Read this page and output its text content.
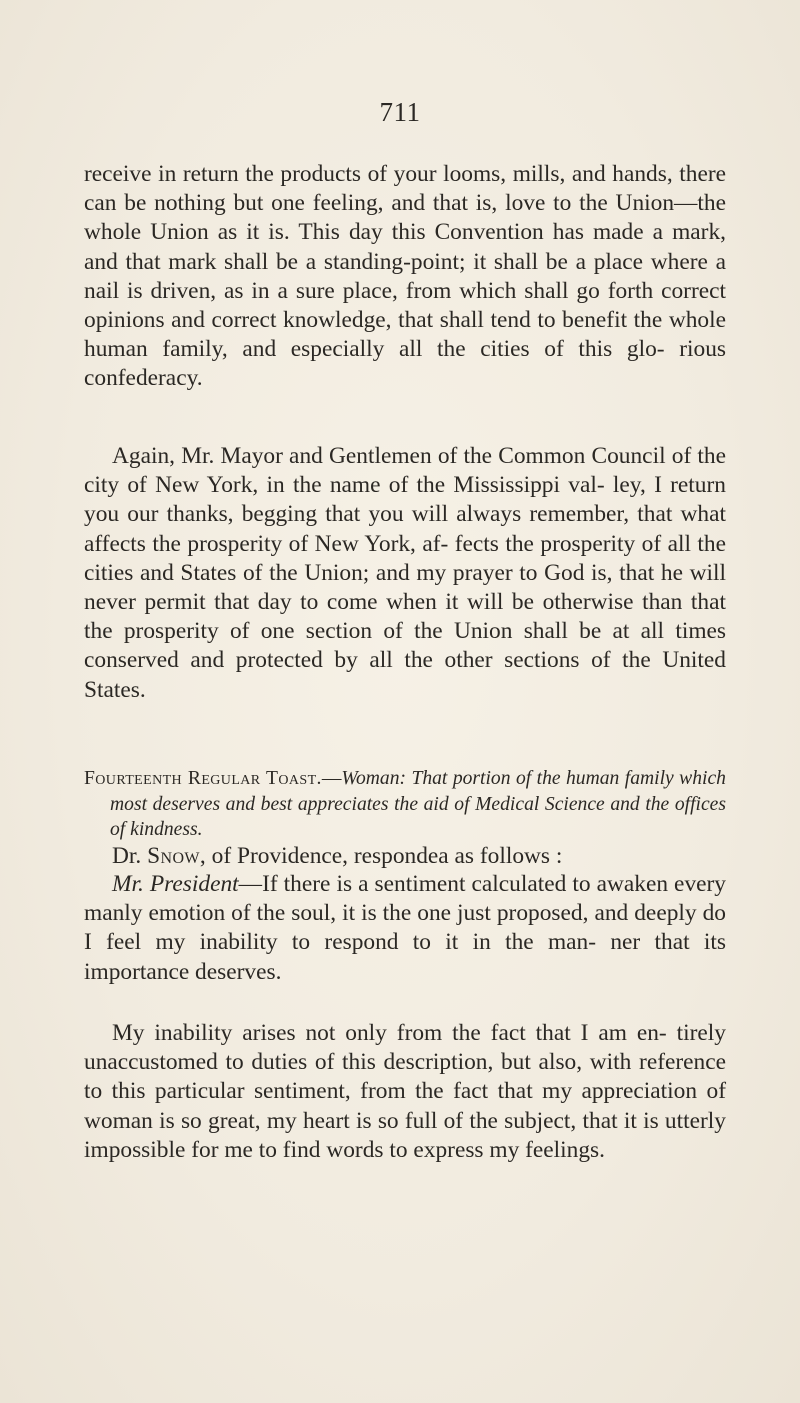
711

receive in return the products of your looms, mills, and hands, there can be nothing but one feeling, and that is, love to the Union—the whole Union as it is. This day this Convention has made a mark, and that mark shall be a standing-point; it shall be a place where a nail is driven, as in a sure place, from which shall go forth correct opinions and correct knowledge, that shall tend to benefit the whole human family, and especially all the cities of this glo- rious confederacy.

Again, Mr. Mayor and Gentlemen of the Common Council of the city of New York, in the name of the Mississippi val- ley, I return you our thanks, begging that you will always remember, that what affects the prosperity of New York, af- fects the prosperity of all the cities and States of the Union; and my prayer to God is, that he will never permit that day to come when it will be otherwise than that the prosperity of one section of the Union shall be at all times conserved and protected by all the other sections of the United States.

Fourteenth Regular Toast.—Woman: That portion of the human family which most deserves and best appreciates the aid of Medical Science and the offices of kindness.

Dr. Snow, of Providence, respondea as follows :

Mr. President—If there is a sentiment calculated to awaken every manly emotion of the soul, it is the one just proposed, and deeply do I feel my inability to respond to it in the man- ner that its importance deserves.

My inability arises not only from the fact that I am en- tirely unaccustomed to duties of this description, but also, with reference to this particular sentiment, from the fact that my appreciation of woman is so great, my heart is so full of the subject, that it is utterly impossible for me to find words to express my feelings.
